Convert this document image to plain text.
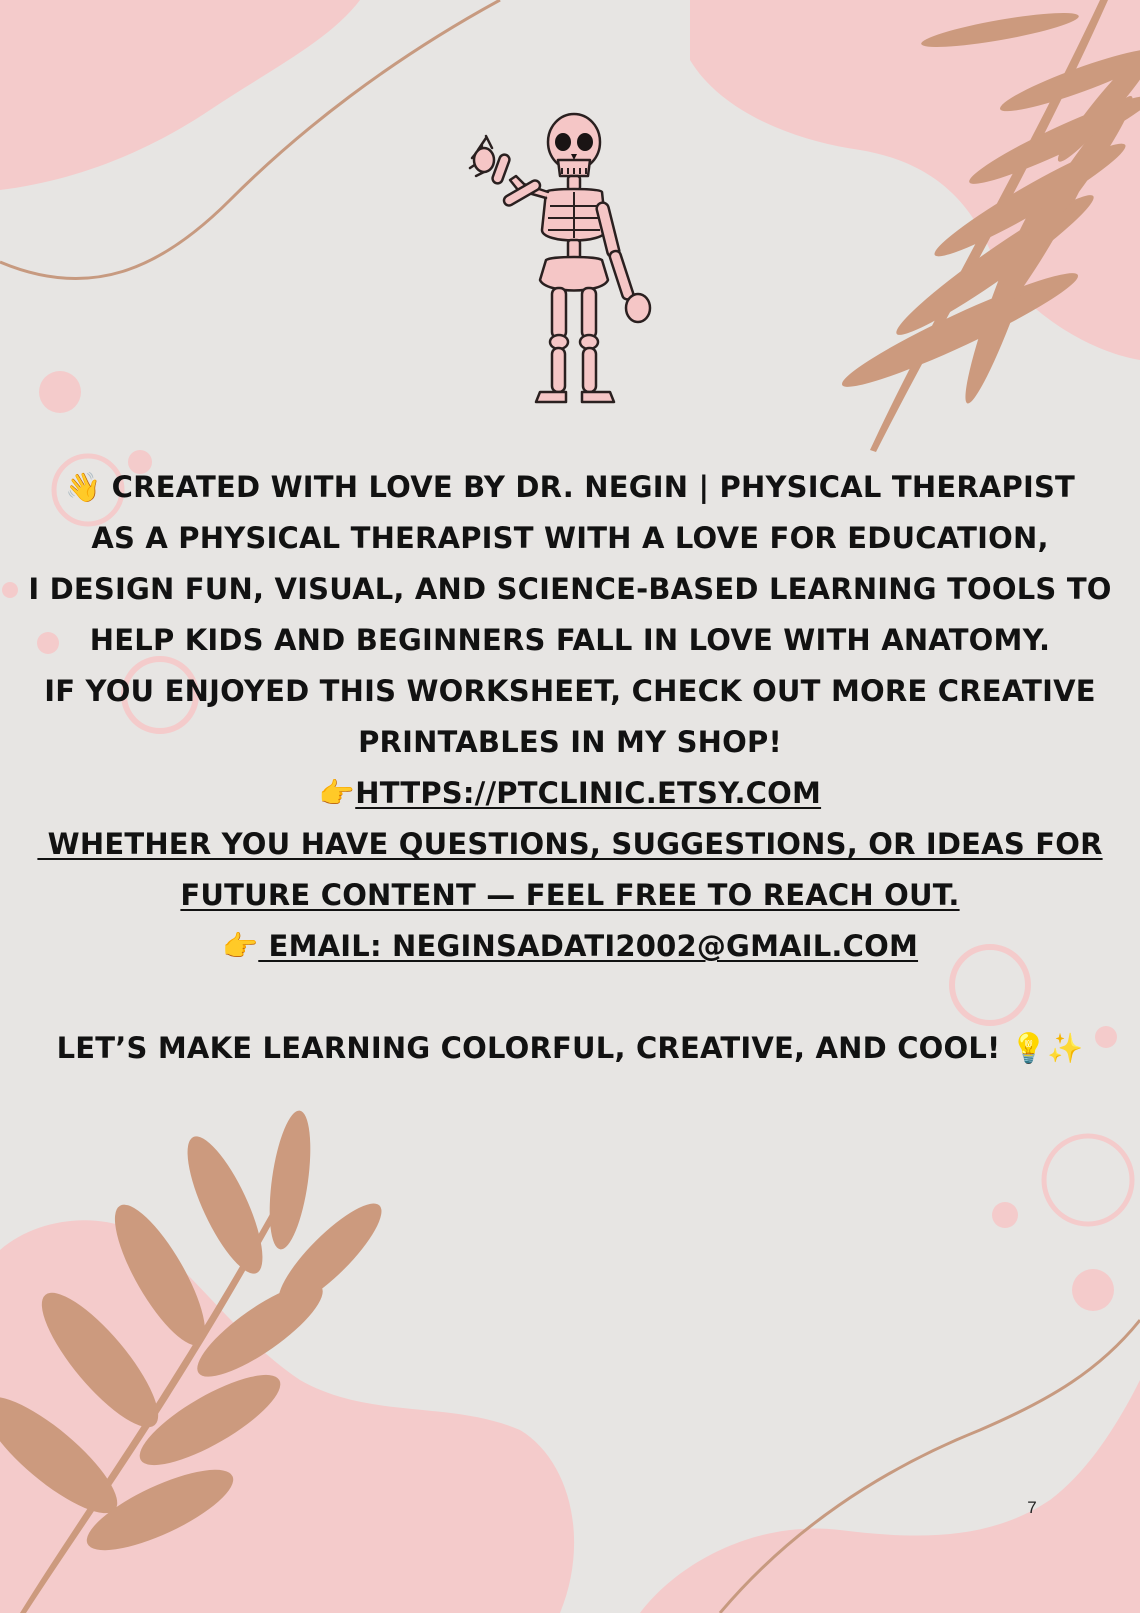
👋 CREATED WITH LOVE BY DR. NEGIN | PHYSICAL THERAPIST
AS A PHYSICAL THERAPIST WITH A LOVE FOR EDUCATION,
I DESIGN FUN, VISUAL, AND SCIENCE-BASED LEARNING TOOLS TO
HELP KIDS AND BEGINNERS FALL IN LOVE WITH ANATOMY.
IF YOU ENJOYED THIS WORKSHEET, CHECK OUT MORE CREATIVE
PRINTABLES IN MY SHOP!
👉HTTPS://PTCLINIC.ETSY.COM
WHETHER YOU HAVE QUESTIONS, SUGGESTIONS, OR IDEAS FOR
FUTURE CONTENT — FEEL FREE TO REACH OUT.
👉 EMAIL: NEGINSADATI2002@GMAIL.COM
LET’S MAKE LEARNING COLORFUL, CREATIVE, AND COOL! 💡✨
7
